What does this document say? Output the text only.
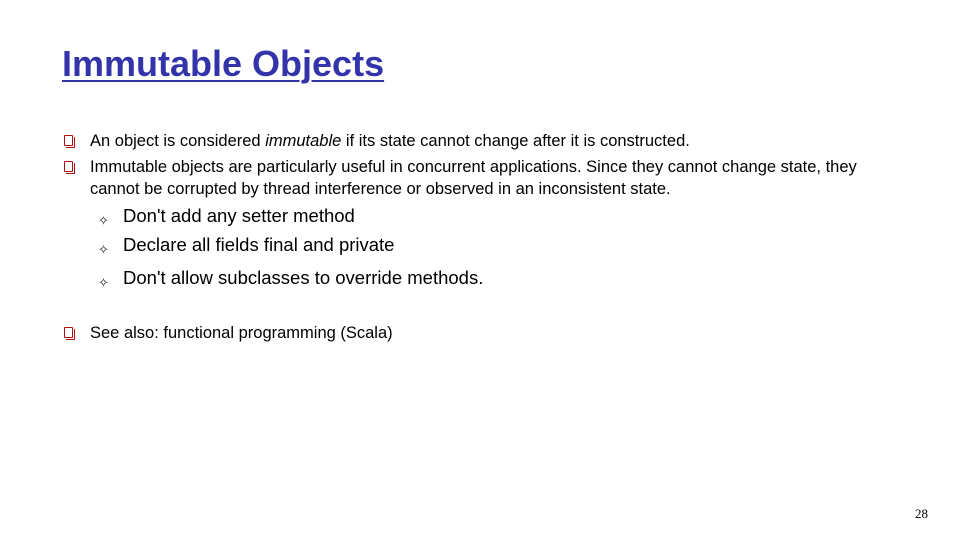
Immutable Objects
An object is considered immutable if its state cannot change after it is constructed.
Immutable objects are particularly useful in concurrent applications. Since they cannot change state, they cannot be corrupted by thread interference or observed in an inconsistent state.
✧ Don't add any setter method
✧ Declare all fields final and private
✧ Don't allow subclasses to override methods.
See also: functional programming (Scala)
28
